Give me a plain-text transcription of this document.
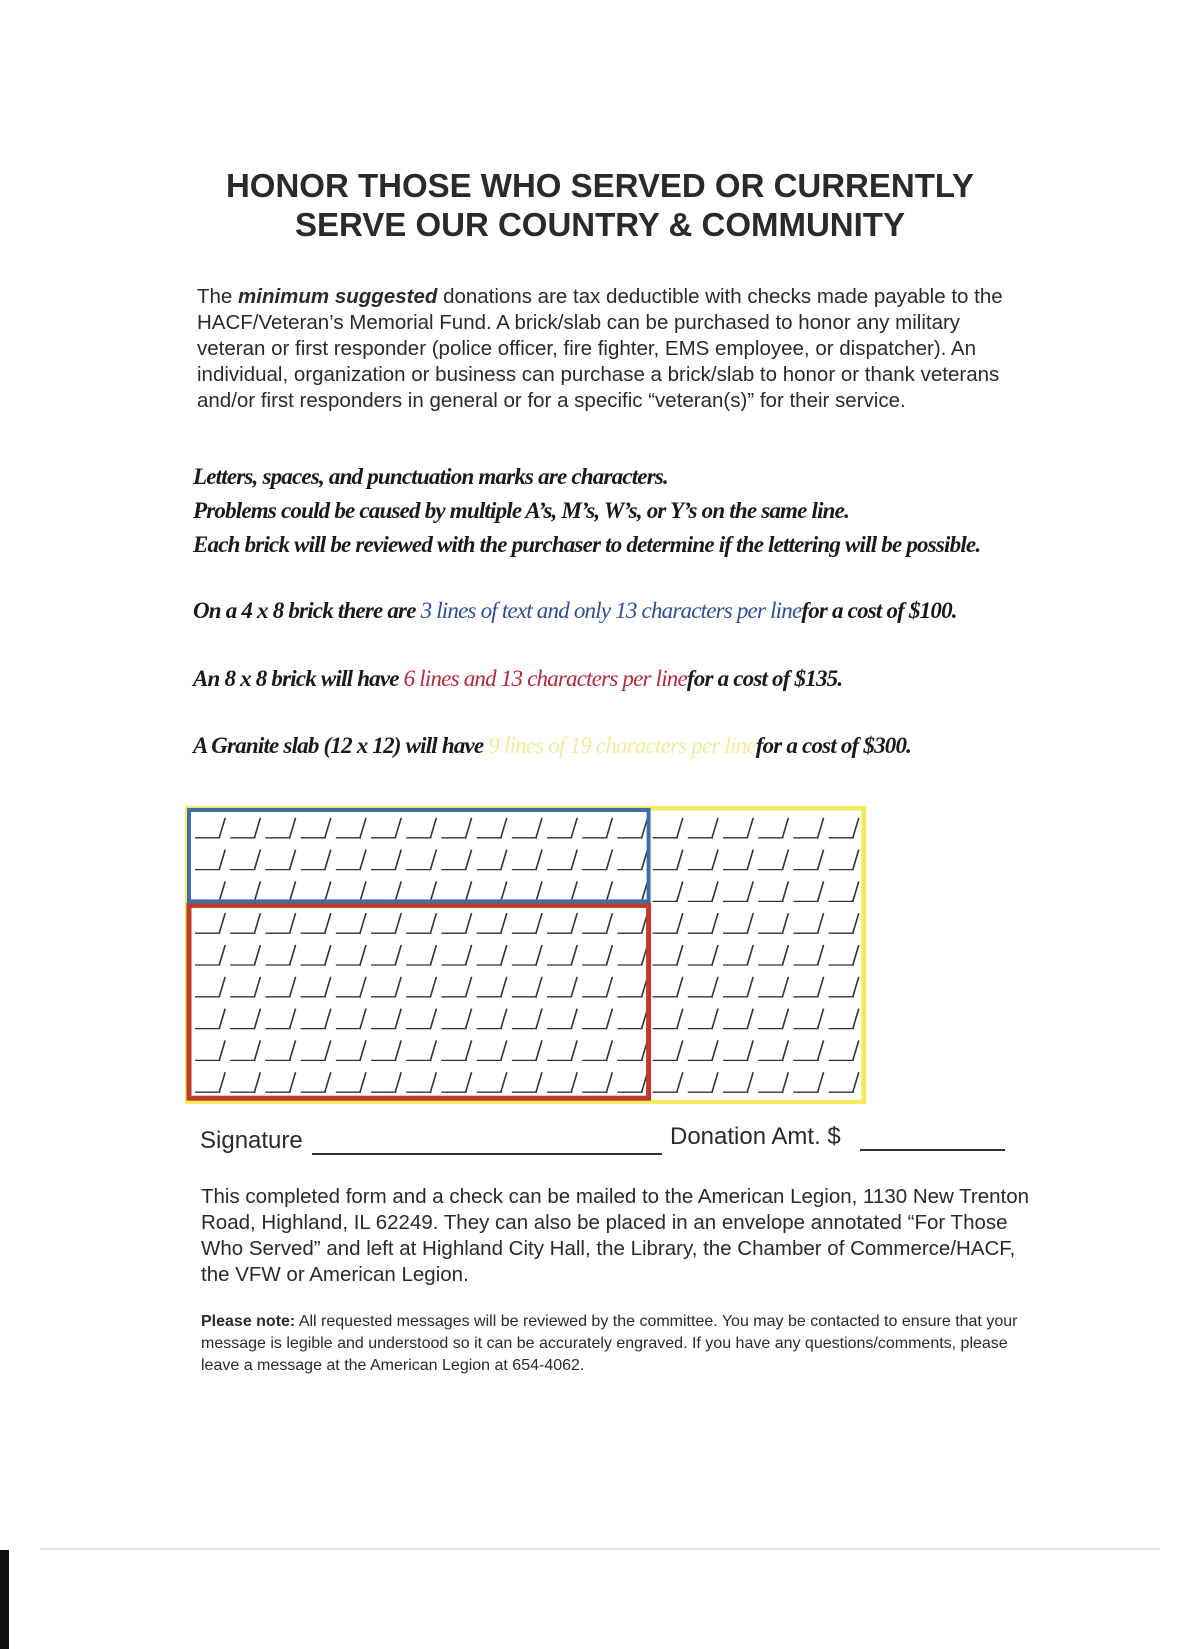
HONOR THOSE WHO SERVED OR CURRENTLY
SERVE OUR COUNTRY & COMMUNITY

The minimum suggested donations are tax deductible with checks made payable to the HACF/Veteran’s Memorial Fund. A brick/slab can be purchased to honor any military veteran or first responder (police officer, fire fighter, EMS employee, or dispatcher). An individual, organization or business can purchase a brick/slab to honor or thank veterans and/or first responders in general or for a specific “veteran(s)” for their service.

Letters, spaces, and punctuation marks are characters.
Problems could be caused by multiple A’s, M’s, W’s, or Y’s on the same line.
Each brick will be reviewed with the purchaser to determine if the lettering will be possible.

On a 4 x 8 brick there are 3 lines of text and only 13 characters per linefor a cost of $100.

An 8 x 8 brick will have 6 lines and 13 characters per linefor a cost of $135.

A Granite slab (12 x 12) will have 9 lines of 19 characters per linefor a cost of $300.

Signature	Donation Amt. $

This completed form and a check can be mailed to the American Legion, 1130 New Trenton Road, Highland, IL 62249. They can also be placed in an envelope annotated “For Those Who Served” and left at Highland City Hall, the Library, the Chamber of Commerce/HACF, the VFW or American Legion.

Please note: All requested messages will be reviewed by the committee. You may be contacted to ensure that your message is legible and understood so it can be accurately engraved. If you have any questions/comments, please leave a message at the American Legion at 654-4062.
